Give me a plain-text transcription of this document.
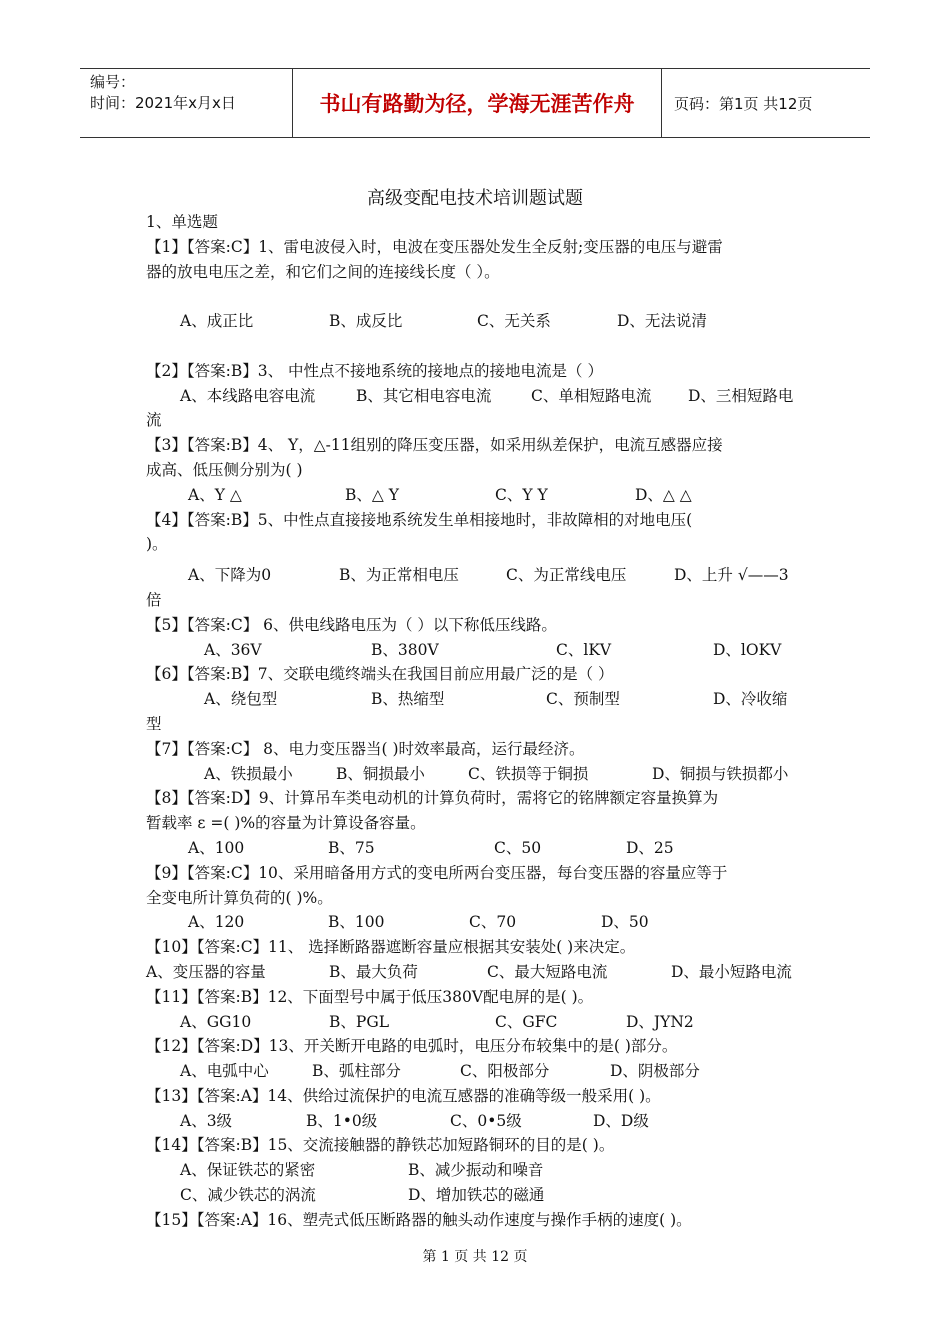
编号：
时间：2021年x月x日	书山有路勤为径，学海无涯苦作舟	页码：第1页 共12页
高级变配电技术培训题试题
1、单选题
【1】【答案:C】1、雷电波侵入时，电波在变压器处发生全反射;变压器的电压与避雷
器的放电电压之差，和它们之间的连接线长度（ ）。
A、成正比	B、成反比	C、无关系	D、无法说清
【2】【答案:B】3、 中性点不接地系统的接地点的接地电流是（ ）
A、本线路电容电流	B、其它相电容电流	C、单相短路电流	D、三相短路电
流
【3】【答案:B】4、 Y，△-11组别的降压变压器，如采用纵差保护，电流互感器应接
成高、低压侧分别为( )
A、Y △	B、△ Y	C、Y Y	D、△ △
【4】【答案:B】5、中性点直接接地系统发生单相接地时，非故障相的对地电压(
)。
A、下降为0	B、为正常相电压	C、为正常线电压	D、上升 √——3
倍
【5】【答案:C】 6、供电线路电压为（ ）以下称低压线路。
A、36V	B、380V	C、lKV	D、lOKV
【6】【答案:B】7、交联电缆终端头在我国目前应用最广泛的是（ ）
A、绕包型	B、热缩型	C、预制型	D、冷收缩
型
【7】【答案:C】 8、电力变压器当( )时效率最高，运行最经济。
A、铁损最小	B、铜损最小	C、铁损等于铜损	D、铜损与铁损都小
【8】【答案:D】9、计算吊车类电动机的计算负荷时，需将它的铭牌额定容量换算为
暂载率 ε =( )%的容量为计算设备容量。
A、100	B、75	C、50	D、25
【9】【答案:C】10、采用暗备用方式的变电所两台变压器，每台变压器的容量应等于
全变电所计算负荷的( )%。
A、120	B、100	C、70	D、50
【10】【答案:C】11、 选择断路器遮断容量应根据其安装处( )来决定。
A、变压器的容量	B、最大负荷	C、最大短路电流	D、最小短路电流
【11】【答案:B】12、下面型号中属于低压380V配电屏的是( )。
A、GG10	B、PGL	C、GFC	D、JYN2
【12】【答案:D】13、开关断开电路的电弧时，电压分布较集中的是( )部分。
A、电弧中心	B、弧柱部分	C、阳极部分	D、阴极部分
【13】【答案:A】14、供给过流保护的电流互感器的准确等级一般采用( )。
A、3级	B、1•0级	C、0•5级	D、D级
【14】【答案:B】15、交流接触器的静铁芯加短路铜环的目的是( )。
A、保证铁芯的紧密	B、减少振动和噪音
C、减少铁芯的涡流	D、增加铁芯的磁通
【15】【答案:A】16、塑壳式低压断路器的触头动作速度与操作手柄的速度( )。
第 1 页 共 12 页
